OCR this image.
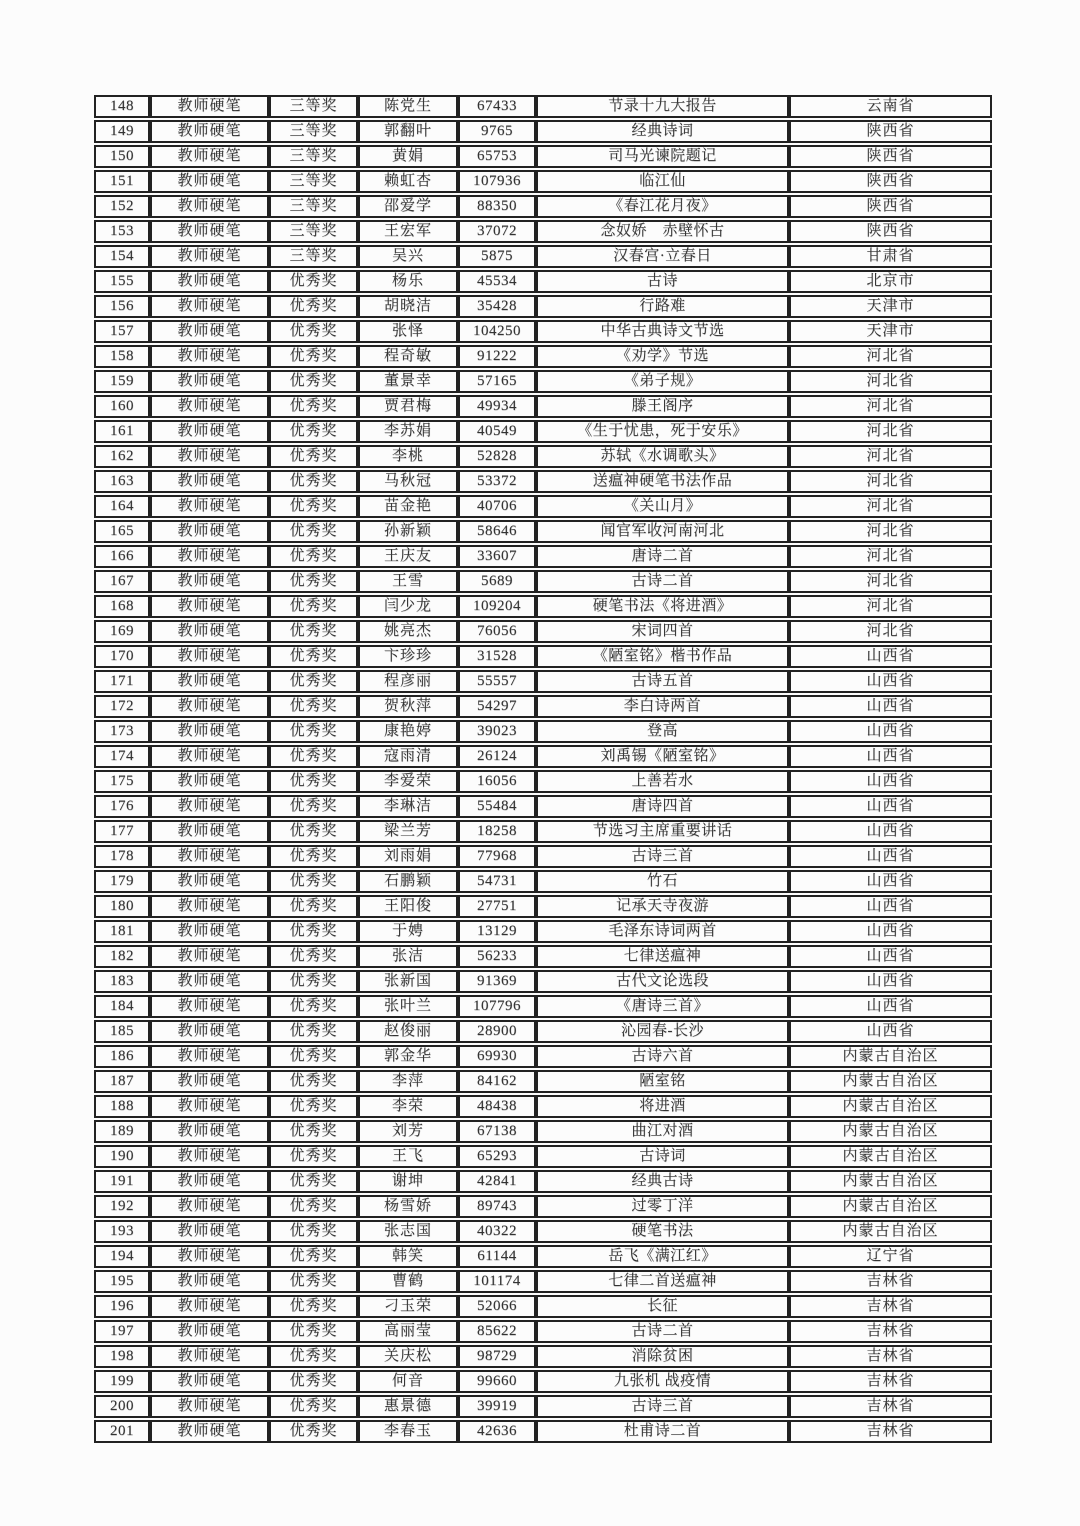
148	教师硬笔	三等奖	陈党生	67433	节录十九大报告	云南省
149	教师硬笔	三等奖	郭翻叶	9765	经典诗词	陕西省
150	教师硬笔	三等奖	黄娟	65753	司马光谏院题记	陕西省
151	教师硬笔	三等奖	赖虹杏	107936	临江仙	陕西省
152	教师硬笔	三等奖	邵爱学	88350	《春江花月夜》	陕西省
153	教师硬笔	三等奖	王宏军	37072	念奴娇　赤壁怀古	陕西省
154	教师硬笔	三等奖	吴兴	5875	汉春宫·立春日	甘肃省
155	教师硬笔	优秀奖	杨乐	45534	古诗	北京市
156	教师硬笔	优秀奖	胡晓洁	35428	行路难	天津市
157	教师硬笔	优秀奖	张怿	104250	中华古典诗文节选	天津市
158	教师硬笔	优秀奖	程奇敏	91222	《劝学》节选	河北省
159	教师硬笔	优秀奖	董景幸	57165	《弟子规》	河北省
160	教师硬笔	优秀奖	贾君梅	49934	滕王阁序	河北省
161	教师硬笔	优秀奖	李苏娟	40549	《生于忧患，死于安乐》	河北省
162	教师硬笔	优秀奖	李桃	52828	苏轼《水调歌头》	河北省
163	教师硬笔	优秀奖	马秋冠	53372	送瘟神硬笔书法作品	河北省
164	教师硬笔	优秀奖	苗金艳	40706	《关山月》	河北省
165	教师硬笔	优秀奖	孙新颖	58646	闻官军收河南河北	河北省
166	教师硬笔	优秀奖	王庆友	33607	唐诗二首	河北省
167	教师硬笔	优秀奖	王雪	5689	古诗二首	河北省
168	教师硬笔	优秀奖	闫少龙	109204	硬笔书法《将进酒》	河北省
169	教师硬笔	优秀奖	姚亮杰	76056	宋词四首	河北省
170	教师硬笔	优秀奖	卞珍珍	31528	《陋室铭》楷书作品	山西省
171	教师硬笔	优秀奖	程彦丽	55557	古诗五首	山西省
172	教师硬笔	优秀奖	贺秋萍	54297	李白诗两首	山西省
173	教师硬笔	优秀奖	康艳婷	39023	登高	山西省
174	教师硬笔	优秀奖	寇雨清	26124	刘禹锡《陋室铭》	山西省
175	教师硬笔	优秀奖	李爱荣	16056	上善若水	山西省
176	教师硬笔	优秀奖	李琳洁	55484	唐诗四首	山西省
177	教师硬笔	优秀奖	梁兰芳	18258	节选习主席重要讲话	山西省
178	教师硬笔	优秀奖	刘雨娟	77968	古诗三首	山西省
179	教师硬笔	优秀奖	石鹏颖	54731	竹石	山西省
180	教师硬笔	优秀奖	王阳俊	27751	记承天寺夜游	山西省
181	教师硬笔	优秀奖	于娉	13129	毛泽东诗词两首	山西省
182	教师硬笔	优秀奖	张洁	56233	七律送瘟神	山西省
183	教师硬笔	优秀奖	张新国	91369	古代文论选段	山西省
184	教师硬笔	优秀奖	张叶兰	107796	《唐诗三首》	山西省
185	教师硬笔	优秀奖	赵俊丽	28900	沁园春-长沙	山西省
186	教师硬笔	优秀奖	郭金华	69930	古诗六首	内蒙古自治区
187	教师硬笔	优秀奖	李萍	84162	陋室铭	内蒙古自治区
188	教师硬笔	优秀奖	李荣	48438	将进酒	内蒙古自治区
189	教师硬笔	优秀奖	刘芳	67138	曲江对酒	内蒙古自治区
190	教师硬笔	优秀奖	王飞	65293	古诗词	内蒙古自治区
191	教师硬笔	优秀奖	谢坤	42841	经典古诗	内蒙古自治区
192	教师硬笔	优秀奖	杨雪娇	89743	过零丁洋	内蒙古自治区
193	教师硬笔	优秀奖	张志国	40322	硬笔书法	内蒙古自治区
194	教师硬笔	优秀奖	韩笑	61144	岳飞《满江红》	辽宁省
195	教师硬笔	优秀奖	曹鹤	101174	七律二首送瘟神	吉林省
196	教师硬笔	优秀奖	刁玉荣	52066	长征	吉林省
197	教师硬笔	优秀奖	高丽莹	85622	古诗二首	吉林省
198	教师硬笔	优秀奖	关庆松	98729	消除贫困	吉林省
199	教师硬笔	优秀奖	何音	99660	九张机 战疫情	吉林省
200	教师硬笔	优秀奖	惠景德	39919	古诗三首	吉林省
201	教师硬笔	优秀奖	李春玉	42636	杜甫诗二首	吉林省
